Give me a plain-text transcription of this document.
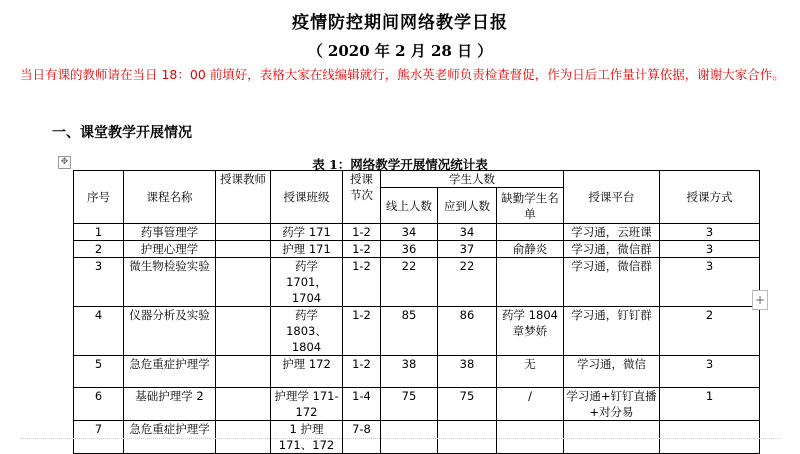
疫情防控期间网络教学日报
（ 2020 年 2 月 28 日 ）
当日有课的教师请在当日 18：00 前填好，表格大家在线编辑就行，熊水英老师负责检查督促，作为日后工作量计算依据，谢谢大家合作。
一、课堂教学开展情况
✥	表 1：网络教学开展情况统计表
序号	课程名称	授课教师	授课班级	授课节次	学生人数			授课平台	授课方式
					线上人数	应到人数	缺勤学生名单		
1	药事管理学		药学 171	1-2	34	34		学习通，云班课	3
2	护理心理学		护理 171	1-2	36	37	俞静炎	学习通，微信群	3
3	微生物检验实验		药学 1701，1704	1-2	22	22		学习通，微信群	3
4	仪器分析及实验		药学 1803、1804	1-2	85	86	药学 1804 章梦娇	学习通，钉钉群	2
5	急危重症护理学		护理 172	1-2	38	38	无	学习通，微信	3
6	基础护理学 2		护理学 171-172	1-4	75	75	/	学习通+钉钉直播+对分易	1
7	急危重症护理学		1 护理 171、172	7-8					
+
